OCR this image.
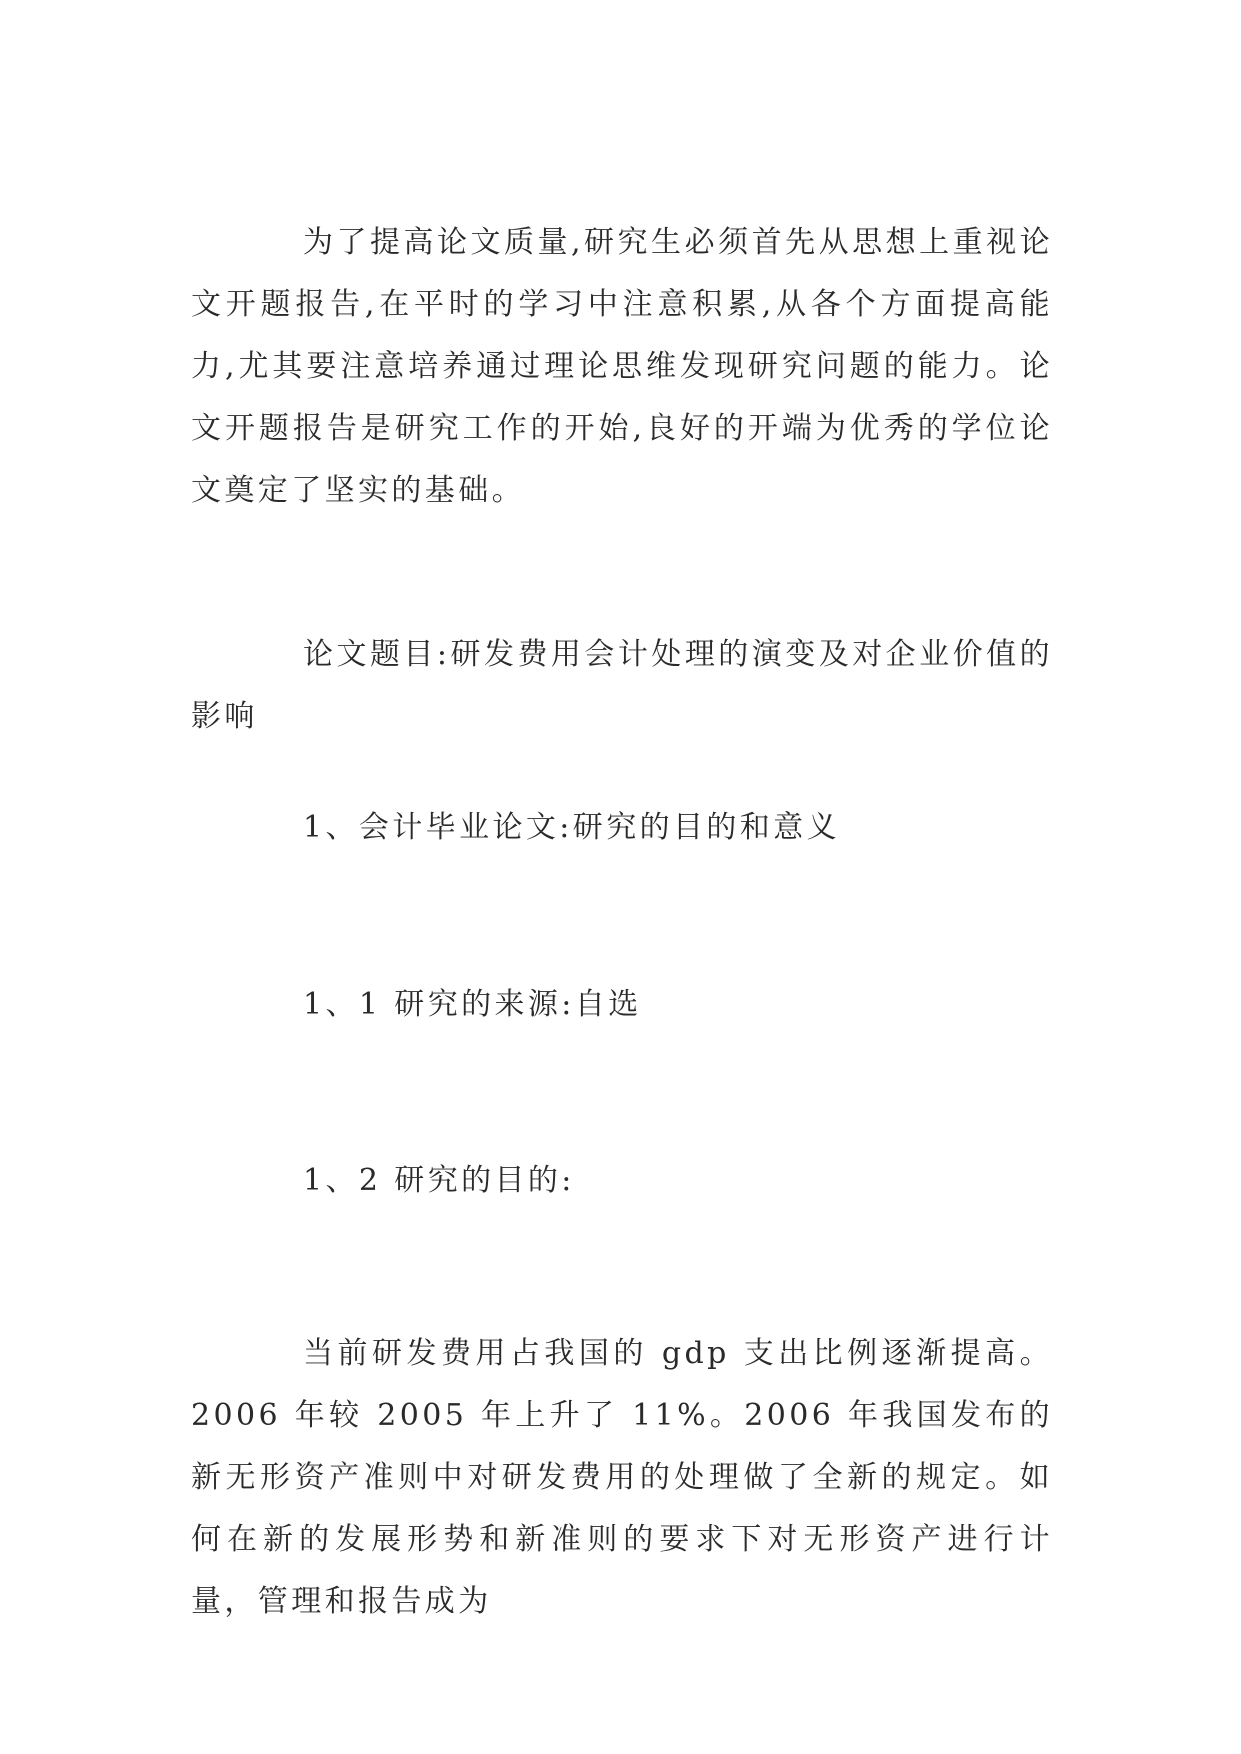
为了提高论文质量,研究生必须首先从思想上重视论文开题报告,在平时的学习中注意积累,从各个方面提高能力,尤其要注意培养通过理论思维发现研究问题的能力。论文开题报告是研究工作的开始,良好的开端为优秀的学位论文奠定了坚实的基础。

论文题目:研发费用会计处理的演变及对企业价值的影响

1、会计毕业论文:研究的目的和意义

1、1 研究的来源:自选

1、2 研究的目的:

当前研发费用占我国的 gdp 支出比例逐渐提高。2006 年较 2005 年上升了 11%。2006 年我国发布的新无形资产准则中对研发费用的处理做了全新的规定。如何在新的发展形势和新准则的要求下对无形资产进行计量，管理和报告成为
